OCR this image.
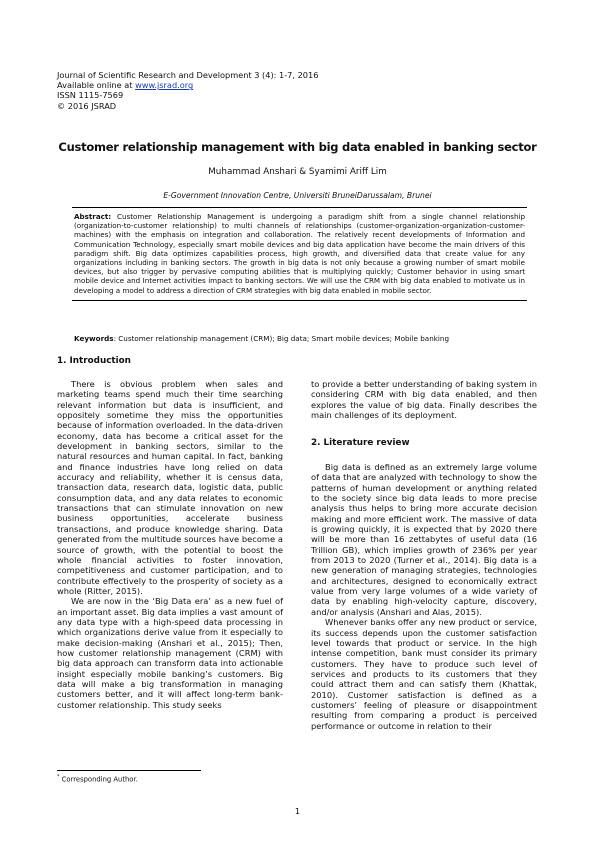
Journal of Scientific Research and Development 3 (4): 1-7, 2016
Available online at www.jsrad.org
ISSN 1115-7569
© 2016 JSRAD
Customer relationship management with big data enabled in banking sector
Muhammad Anshari & Syamimi Ariff Lim
E-Government Innovation Centre, Universiti BruneiDarussalam, Brunei
Abstract: Customer Relationship Management is undergoing a paradigm shift from a single channel relationship (organization-to-customer relationship) to multi channels of relationships (customer-organization-organization-customer-machines) with the emphasis on integration and collaboration. The relatively recent developments of Information and Communication Technology, especially smart mobile devices and big data application have become the main drivers of this paradigm shift. Big data optimizes capabilities process, high growth, and diversified data that create value for any organizations including in banking sectors. The growth in big data is not only because a growing number of smart mobile devices, but also trigger by pervasive computing abilities that is multiplying quickly; Customer behavior in using smart mobile device and Internet activities impact to banking sectors. We will use the CRM with big data enabled to motivate us in developing a model to address a direction of CRM strategies with big data enabled in mobile sector.
Keywords: Customer relationship management (CRM); Big data; Smart mobile devices; Mobile banking
1. Introduction

There is obvious problem when sales and marketing teams spend much their time searching relevant information but data is insufficient, and oppositely sometime they miss the opportunities because of information overloaded. In the data-driven economy, data has become a critical asset for the development in banking sectors, similar to the natural resources and human capital. In fact, banking and finance industries have long relied on data accuracy and reliability, whether it is census data, transaction data, research data, logistic data, public consumption data, and any data relates to economic transactions that can stimulate innovation on new business opportunities, accelerate business transactions, and produce knowledge sharing. Data generated from the multitude sources have become a source of growth, with the potential to boost the whole financial activities to foster innovation, competitiveness and customer participation, and to contribute effectively to the prosperity of society as a whole (Ritter, 2015).

We are now in the ‘Big Data era’ as a new fuel of an important asset. Big data implies a vast amount of any data type with a high-speed data processing in which organizations derive value from it especially to make decision-making (Anshari et al., 2015); Then, how customer relationship management (CRM) with big data approach can transform data into actionable insight especially mobile banking’s customers. Big data will make a big transformation in managing customers better, and it will affect long-term bank-customer relationship. This study seeks

to provide a better understanding of baking system in considering CRM with big data enabled, and then explores the value of big data. Finally describes the main challenges of its deployment.

2. Literature review

Big data is defined as an extremely large volume of data that are analyzed with technology to show the patterns of human development or anything related to the society since big data leads to more precise analysis thus helps to bring more accurate decision making and more efficient work. The massive of data is growing quickly, it is expected that by 2020 there will be more than 16 zettabytes of useful data (16 Trillion GB), which implies growth of 236% per year from 2013 to 2020 (Turner et al., 2014). Big data is a new generation of managing strategies, technologies and architectures, designed to economically extract value from very large volumes of a wide variety of data by enabling high-velocity capture, discovery, and/or analysis (Anshari and Alas, 2015).

Whenever banks offer any new product or service, its success depends upon the customer satisfaction level towards that product or service. In the high intense competition, bank must consider its primary customers. They have to produce such level of services and products to its customers that they could attract them and can satisfy them (Khattak, 2010). Customer satisfaction is defined as a customers’ feeling of pleasure or disappointment resulting from comparing a product is perceived performance or outcome in relation to their

* Corresponding Author.
1
